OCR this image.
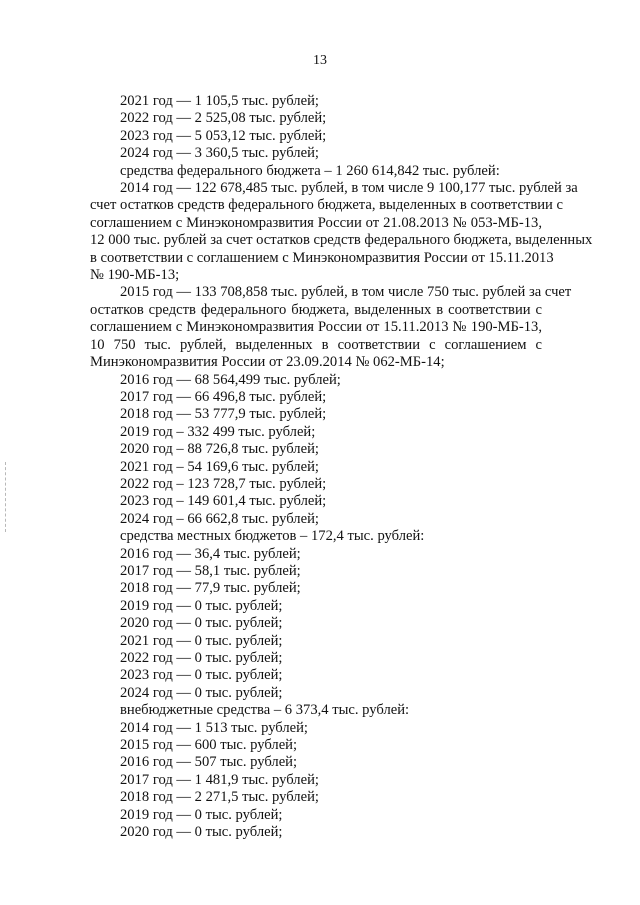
13
2021 год — 1 105,5 тыс. рублей;
2022 год — 2 525,08 тыс. рублей;
2023 год — 5 053,12 тыс. рублей;
2024 год — 3 360,5 тыс. рублей;
средства федерального бюджета – 1 260 614,842 тыс. рублей:
2014 год — 122 678,485 тыс. рублей, в том числе 9 100,177 тыс. рублей за
счет остатков средств федерального бюджета, выделенных в соответствии с
соглашением с Минэкономразвития России от 21.08.2013 № 053-МБ-13,
12 000 тыс. рублей за счет остатков средств федерального бюджета, выделенных
в соответствии с соглашением с Минэкономразвития России от 15.11.2013
№ 190-МБ-13;
2015 год — 133 708,858 тыс. рублей, в том числе 750 тыс. рублей за счет
остатков средств федерального бюджета, выделенных в соответствии с
соглашением с Минэкономразвития России от 15.11.2013 № 190-МБ-13,
10 750 тыс. рублей, выделенных в соответствии с соглашением с
Минэкономразвития России от 23.09.2014 № 062-МБ-14;
2016 год — 68 564,499 тыс. рублей;
2017 год — 66 496,8 тыс. рублей;
2018 год — 53 777,9 тыс. рублей;
2019 год – 332 499 тыс. рублей;
2020 год – 88 726,8 тыс. рублей;
2021 год – 54 169,6 тыс. рублей;
2022 год – 123 728,7 тыс. рублей;
2023 год – 149 601,4 тыс. рублей;
2024 год – 66 662,8 тыс. рублей;
средства местных бюджетов – 172,4 тыс. рублей:
2016 год — 36,4 тыс. рублей;
2017 год — 58,1 тыс. рублей;
2018 год — 77,9 тыс. рублей;
2019 год — 0 тыс. рублей;
2020 год — 0 тыс. рублей;
2021 год — 0 тыс. рублей;
2022 год — 0 тыс. рублей;
2023 год — 0 тыс. рублей;
2024 год — 0 тыс. рублей;
внебюджетные средства – 6 373,4 тыс. рублей:
2014 год — 1 513 тыс. рублей;
2015 год — 600 тыс. рублей;
2016 год — 507 тыс. рублей;
2017 год — 1 481,9 тыс. рублей;
2018 год — 2 271,5 тыс. рублей;
2019 год — 0 тыс. рублей;
2020 год — 0 тыс. рублей;
